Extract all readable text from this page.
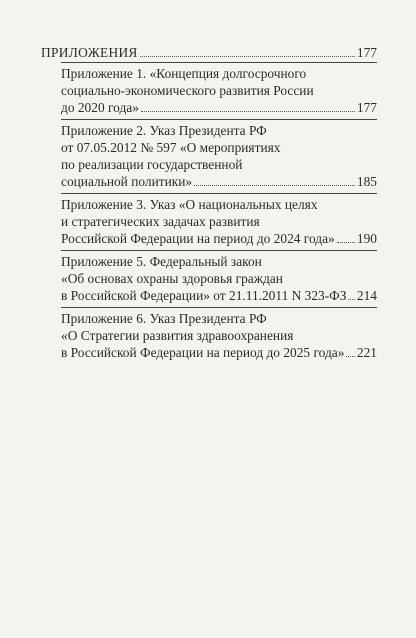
ПРИЛОЖЕНИЯ	177
Приложение 1. «Концепция долгосрочного
социально-экономического развития России
до 2020 года»	177
Приложение 2. Указ Президента РФ
от 07.05.2012 № 597 «О мероприятиях
по реализации государственной
социальной политики»	185
Приложение 3. Указ «О национальных целях
и стратегических задачах развития
Российской Федерации на период до 2024 года» 190
Приложение 5. Федеральный закон
«Об основах охраны здоровья граждан
в Российской Федерации» от 21.11.2011 N 323-ФЗ 214
Приложение 6. Указ Президента РФ
«О Стратегии развития здравоохранения
в Российской Федерации на период до 2025 года» 221
